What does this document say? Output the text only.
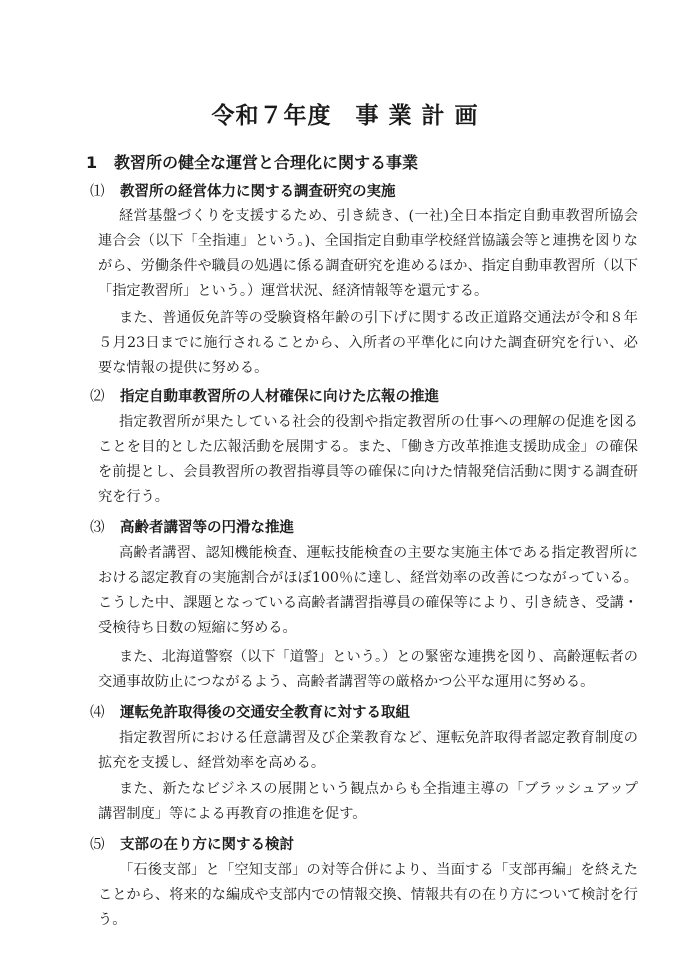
令和７年度　事 業 計 画
1 教習所の健全な運営と合理化に関する事業
⑴ 教習所の経営体力に関する調査研究の実施

経営基盤づくりを支援するため、引き続き、(一社)全日本指定自動車教習所協会連合会（以下「全指連」という。)、全国指定自動車学校経営協議会等と連携を図りながら、労働条件や職員の処遇に係る調査研究を進めるほか、指定自動車教習所（以下「指定教習所」という。）運営状況、経済情報等を還元する。

また、普通仮免許等の受験資格年齢の引下げに関する改正道路交通法が令和８年５月23日までに施行されることから、入所者の平準化に向けた調査研究を行い、必要な情報の提供に努める。

⑵ 指定自動車教習所の人材確保に向けた広報の推進

指定教習所が果たしている社会的役割や指定教習所の仕事への理解の促進を図ることを目的とした広報活動を展開する。また、「働き方改革推進支援助成金」の確保を前提とし、会員教習所の教習指導員等の確保に向けた情報発信活動に関する調査研究を行う。

⑶ 高齢者講習等の円滑な推進

高齢者講習、認知機能検査、運転技能検査の主要な実施主体である指定教習所における認定教育の実施割合がほぼ100％に達し、経営効率の改善につながっている。こうした中、課題となっている高齢者講習指導員の確保等により、引き続き、受講・受検待ち日数の短縮に努める。

また、北海道警察（以下「道警」という。）との緊密な連携を図り、高齢運転者の交通事故防止につながるよう、高齢者講習等の厳格かつ公平な運用に努める。

⑷ 運転免許取得後の交通安全教育に対する取組

指定教習所における任意講習及び企業教育など、運転免許取得者認定教育制度の拡充を支援し、経営効率を高める。

また、新たなビジネスの展開という観点からも全指連主導の「ブラッシュアップ講習制度」等による再教育の推進を促す。

⑸ 支部の在り方に関する検討

「石後支部」と「空知支部」の対等合併により、当面する「支部再編」を終えたことから、将来的な編成や支部内での情報交換、情報共有の在り方について検討を行う。
